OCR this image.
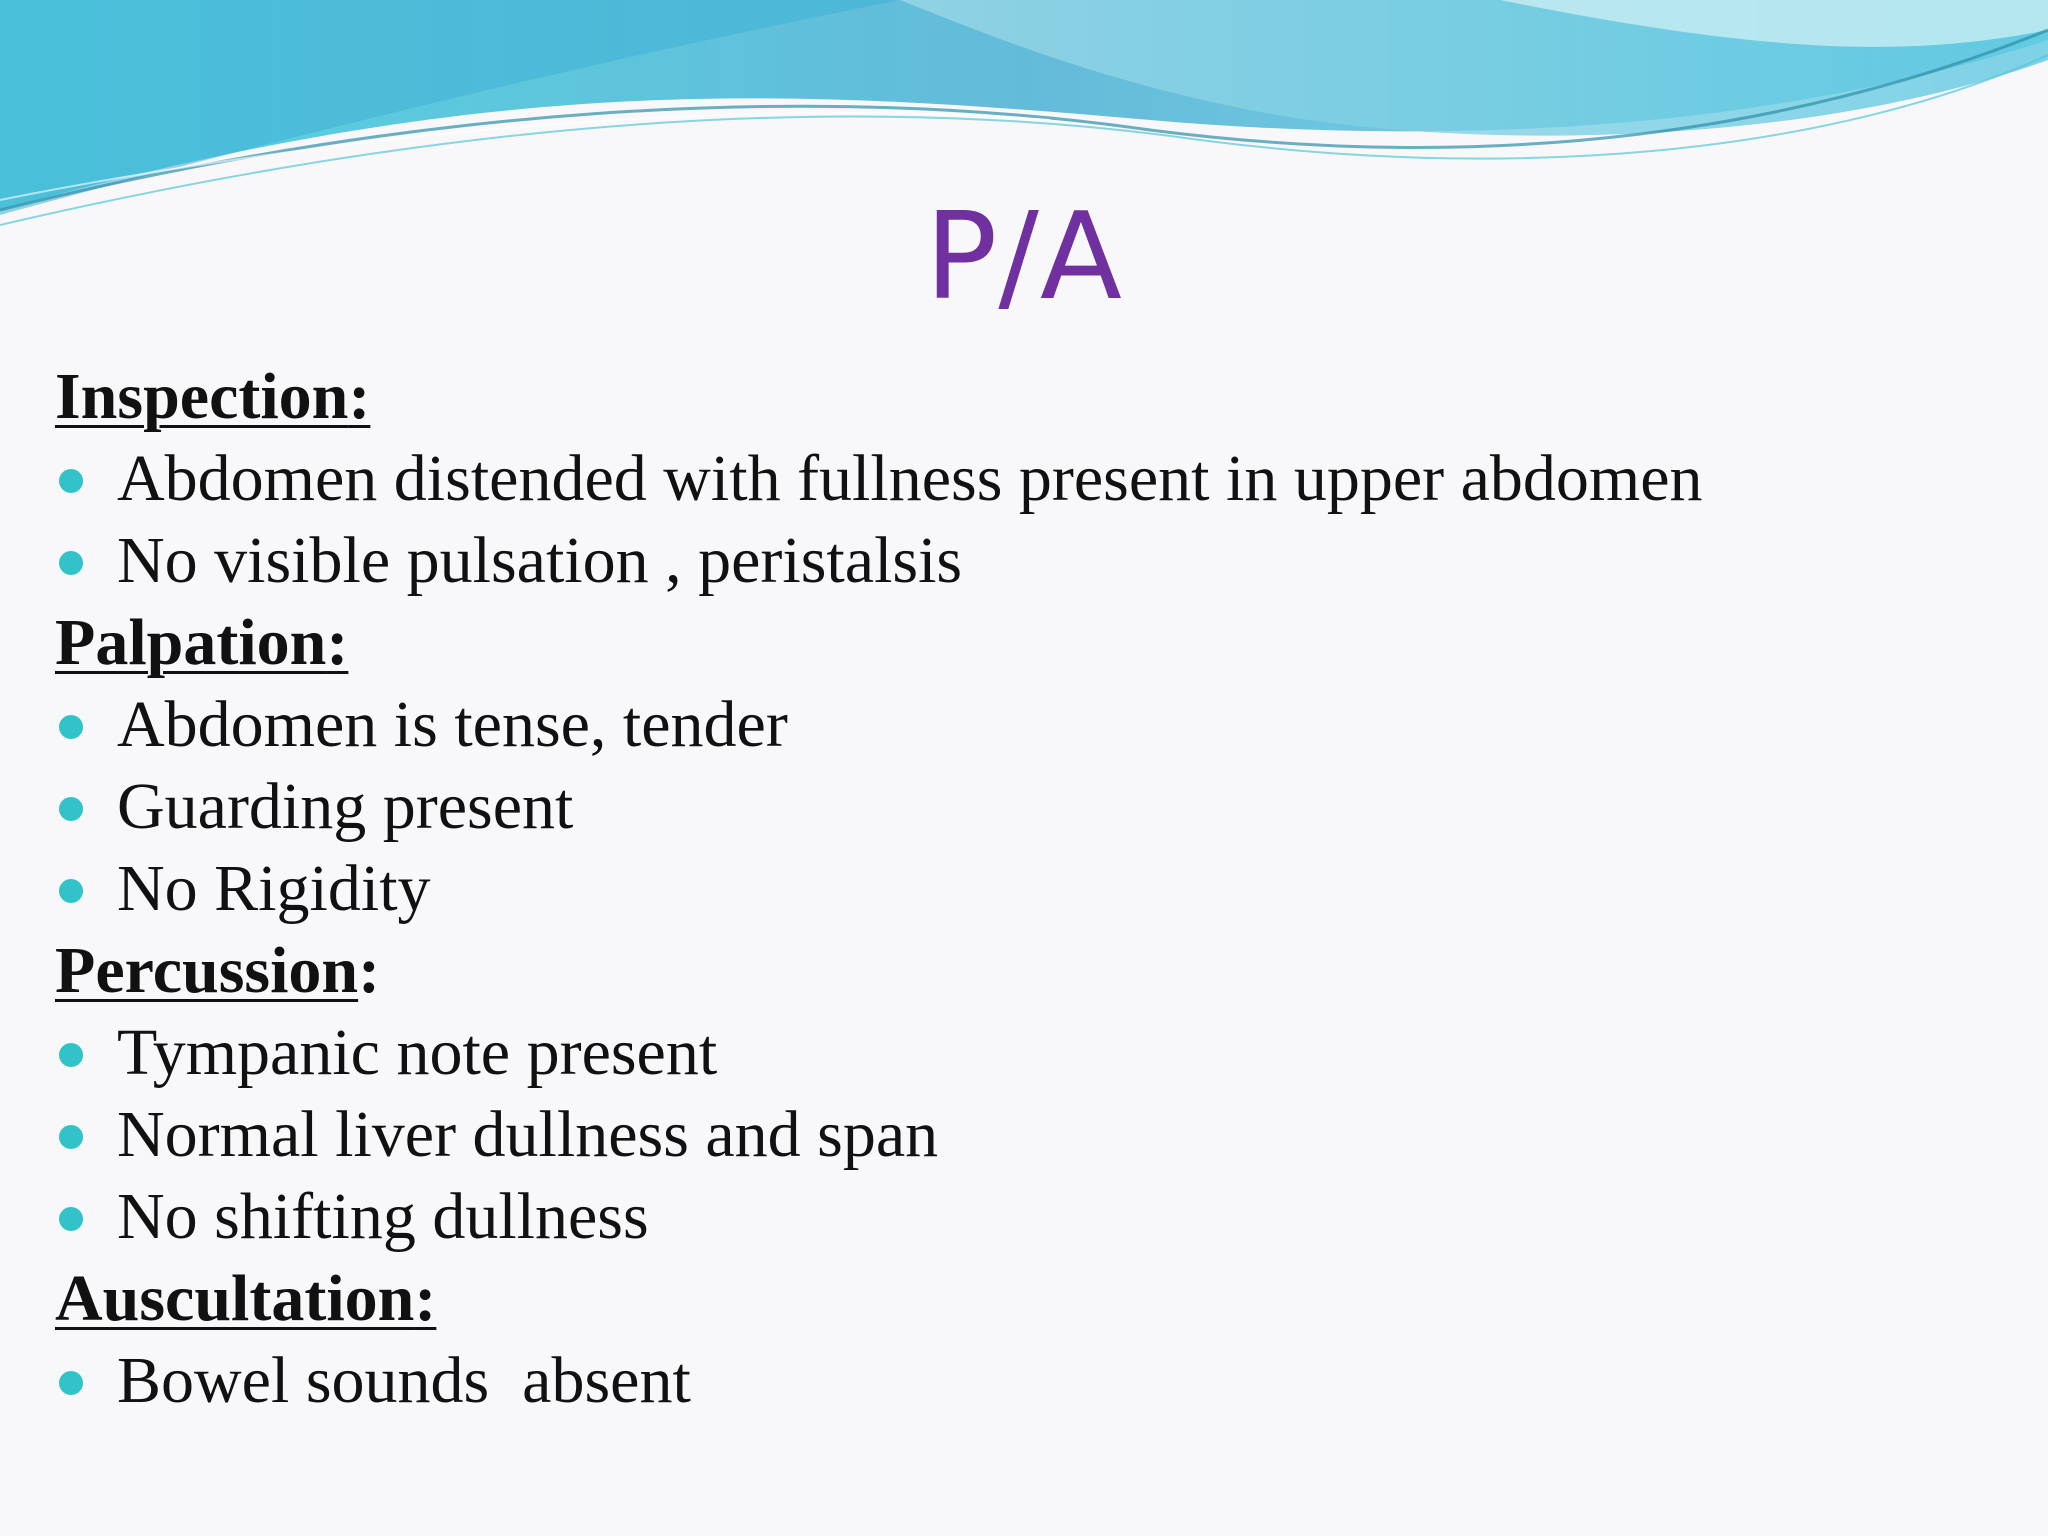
P/A
Inspection:
Abdomen distended with fullness present in upper abdomen
No visible pulsation , peristalsis
Palpation:
Abdomen is tense, tender
Guarding present
No Rigidity
Percussion:
Tympanic note present
Normal liver dullness and span
No shifting dullness
Auscultation:
Bowel sounds  absent
